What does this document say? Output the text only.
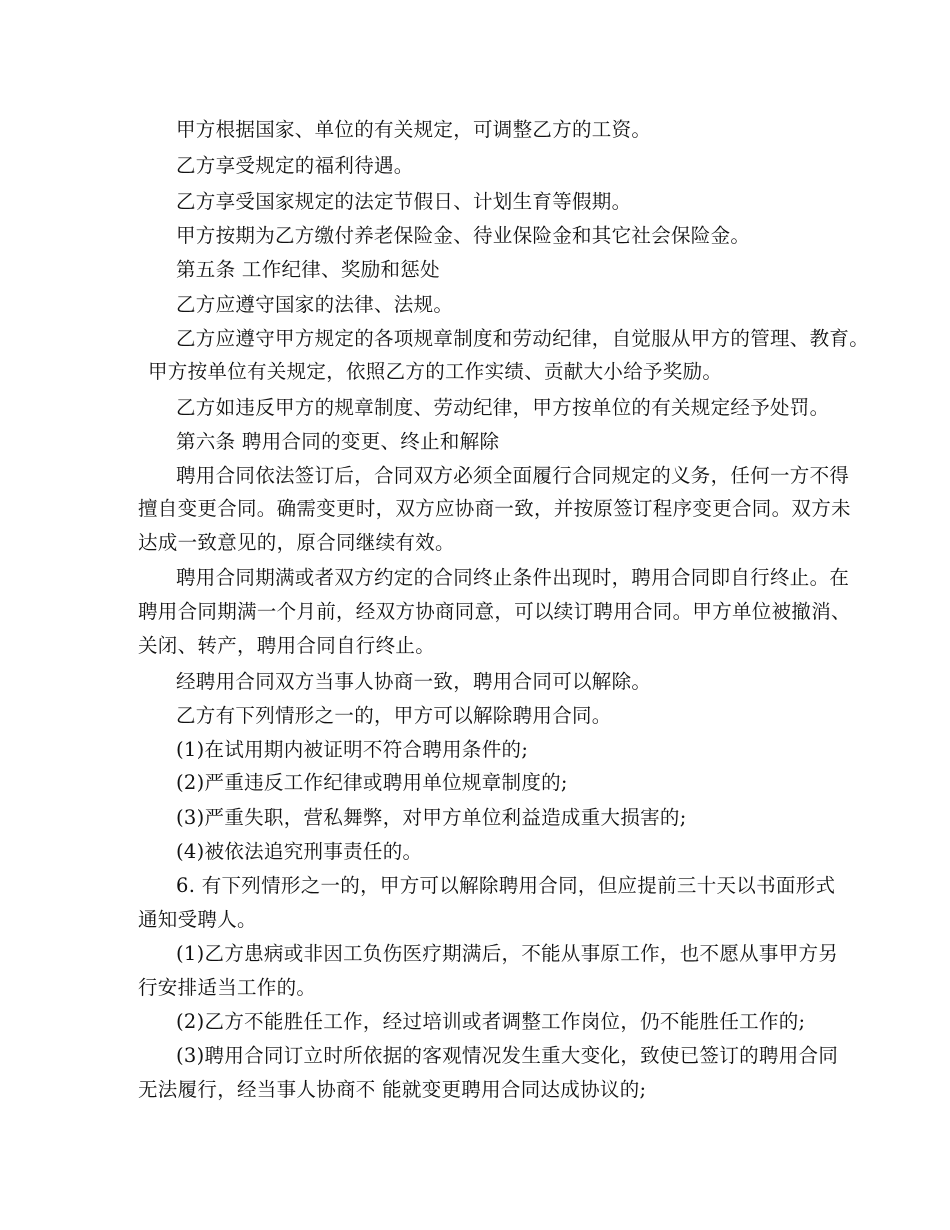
甲方根据国家、单位的有关规定，可调整乙方的工资。
乙方享受规定的福利待遇。
乙方享受国家规定的法定节假日、计划生育等假期。
甲方按期为乙方缴付养老保险金、待业保险金和其它社会保险金。
第五条 工作纪律、奖励和惩处
乙方应遵守国家的法律、法规。
乙方应遵守甲方规定的各项规章制度和劳动纪律，自觉服从甲方的管理、教育。
甲方按单位有关规定，依照乙方的工作实绩、贡献大小给予奖励。
乙方如违反甲方的规章制度、劳动纪律，甲方按单位的有关规定经予处罚。
第六条 聘用合同的变更、终止和解除
聘用合同依法签订后，合同双方必须全面履行合同规定的义务，任何一方不得
擅自变更合同。确需变更时，双方应协商一致，并按原签订程序变更合同。双方未
达成一致意见的，原合同继续有效。
聘用合同期满或者双方约定的合同终止条件出现时，聘用合同即自行终止。在
聘用合同期满一个月前，经双方协商同意，可以续订聘用合同。甲方单位被撤消、
关闭、转产，聘用合同自行终止。
经聘用合同双方当事人协商一致，聘用合同可以解除。
乙方有下列情形之一的，甲方可以解除聘用合同。
(1)在试用期内被证明不符合聘用条件的;
(2)严重违反工作纪律或聘用单位规章制度的;
(3)严重失职，营私舞弊，对甲方单位利益造成重大损害的;
(4)被依法追究刑事责任的。
6. 有下列情形之一的，甲方可以解除聘用合同，但应提前三十天以书面形式
通知受聘人。
(1)乙方患病或非因工负伤医疗期满后，不能从事原工作，也不愿从事甲方另
行安排适当工作的。
(2)乙方不能胜任工作，经过培训或者调整工作岗位，仍不能胜任工作的;
(3)聘用合同订立时所依据的客观情况发生重大变化，致使已签订的聘用合同
无法履行，经当事人协商不 能就变更聘用合同达成协议的;
